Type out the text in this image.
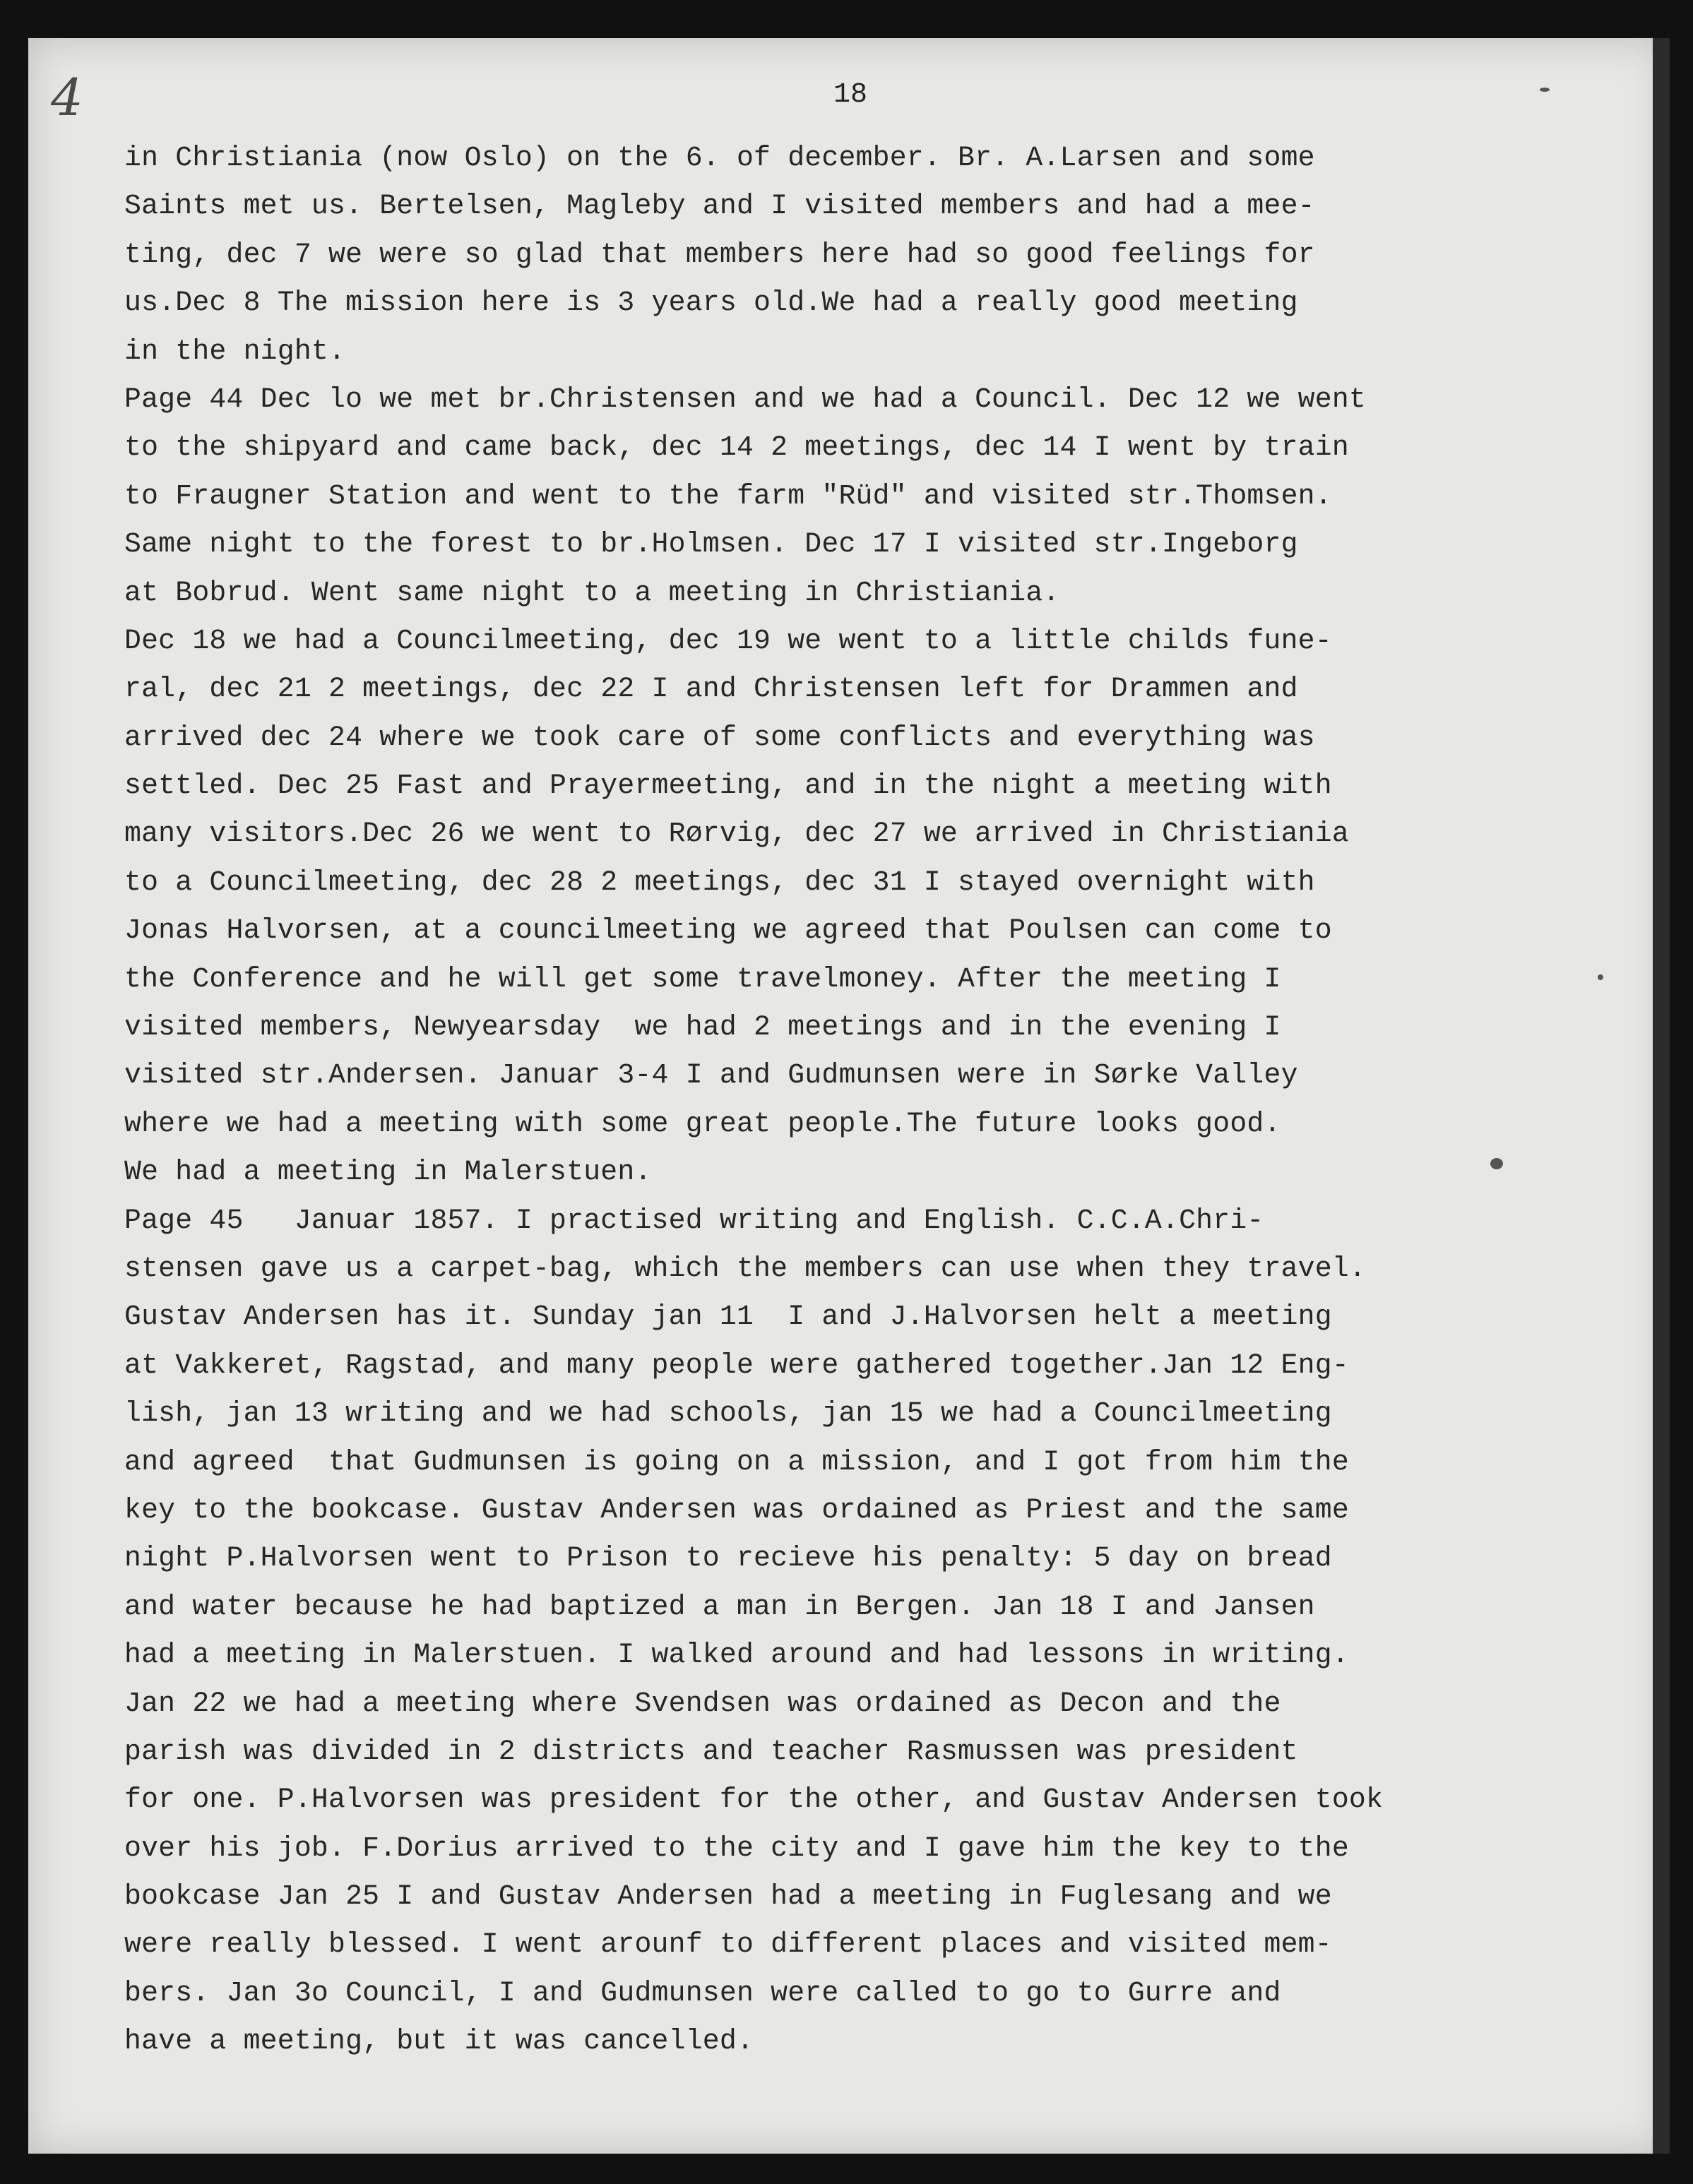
4	18
in Christiania (now Oslo) on the 6. of december. Br. A.Larsen and some
Saints met us. Bertelsen, Magleby and I visited members and had a mee-
ting, dec 7 we were so glad that members here had so good feelings for
us.Dec 8 The mission here is 3 years old.We had a really good meeting
in the night.
Page 44 Dec lo we met br.Christensen and we had a Council. Dec 12 we went
to the shipyard and came back, dec 14 2 meetings, dec 14 I went by train
to Fraugner Station and went to the farm "Rüd" and visited str.Thomsen.
Same night to the forest to br.Holmsen. Dec 17 I visited str.Ingeborg
at Bobrud. Went same night to a meeting in Christiania.
Dec 18 we had a Councilmeeting, dec 19 we went to a little childs fune-
ral, dec 21 2 meetings, dec 22 I and Christensen left for Drammen and
arrived dec 24 where we took care of some conflicts and everything was
settled. Dec 25 Fast and Prayermeeting, and in the night a meeting with
many visitors.Dec 26 we went to Rørvig, dec 27 we arrived in Christiania
to a Councilmeeting, dec 28 2 meetings, dec 31 I stayed overnight with
Jonas Halvorsen, at a councilmeeting we agreed that Poulsen can come to
the Conference and he will get some travelmoney. After the meeting I
visited members, Newyearsday  we had 2 meetings and in the evening I
visited str.Andersen. Januar 3-4 I and Gudmunsen were in Sørke Valley
where we had a meeting with some great people.The future looks good.
We had a meeting in Malerstuen.
Page 45   Januar 1857. I practised writing and English. C.C.A.Chri-
stensen gave us a carpet-bag, which the members can use when they travel.
Gustav Andersen has it. Sunday jan 11  I and J.Halvorsen helt a meeting
at Vakkeret, Ragstad, and many people were gathered together.Jan 12 Eng-
lish, jan 13 writing and we had schools, jan 15 we had a Councilmeeting
and agreed  that Gudmunsen is going on a mission, and I got from him the
key to the bookcase. Gustav Andersen was ordained as Priest and the same
night P.Halvorsen went to Prison to recieve his penalty: 5 day on bread
and water because he had baptized a man in Bergen. Jan 18 I and Jansen
had a meeting in Malerstuen. I walked around and had lessons in writing.
Jan 22 we had a meeting where Svendsen was ordained as Decon and the
parish was divided in 2 districts and teacher Rasmussen was president
for one. P.Halvorsen was president for the other, and Gustav Andersen took
over his job. F.Dorius arrived to the city and I gave him the key to the
bookcase Jan 25 I and Gustav Andersen had a meeting in Fuglesang and we
were really blessed. I went arounf to different places and visited mem-
bers. Jan 3o Council, I and Gudmunsen were called to go to Gurre and
have a meeting, but it was cancelled.
